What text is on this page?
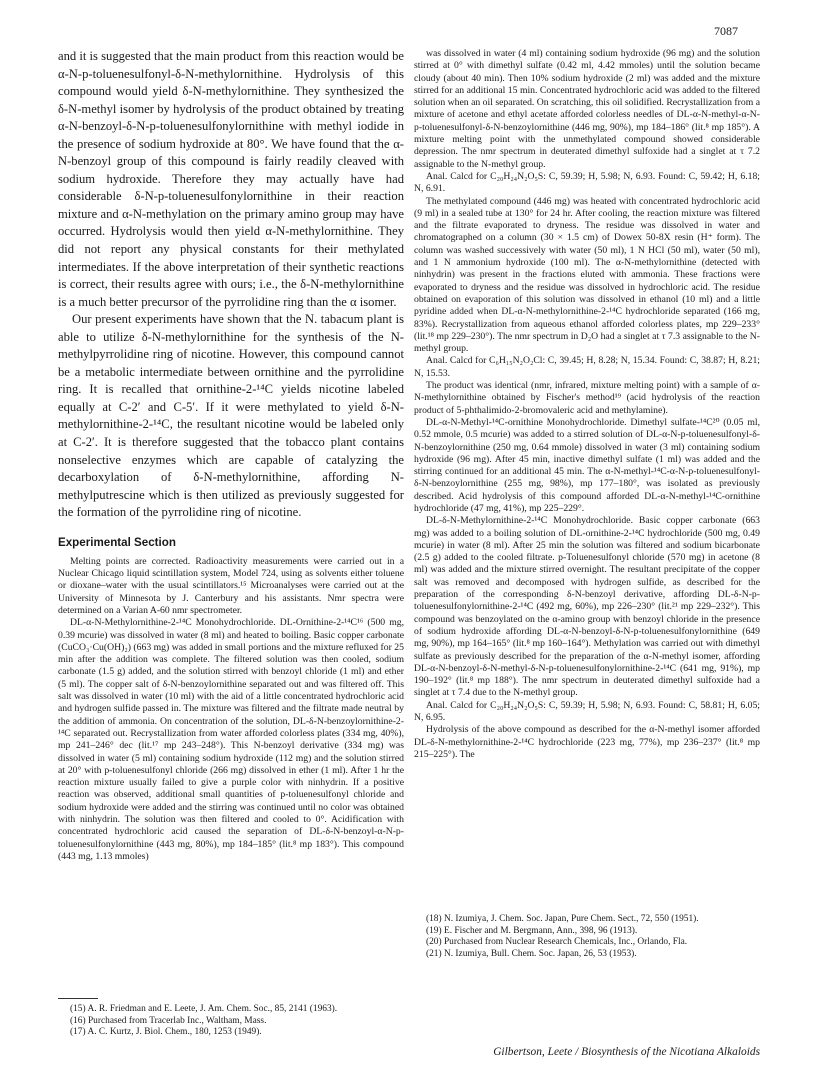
7087

and it is suggested that the main product from this reaction would be α-N-p-toluenesulfonyl-δ-N-methylornithine. Hydrolysis of this compound would yield δ-N-methylornithine. They synthesized the δ-N-methyl isomer by hydrolysis of the product obtained by treating α-N-benzoyl-δ-N-p-toluenesulfonylornithine with methyl iodide in the presence of sodium hydroxide at 80°. We have found that the α-N-benzoyl group of this compound is fairly readily cleaved with sodium hydroxide. Therefore they may actually have had considerable δ-N-p-toluenesulfonylornithine in their reaction mixture and α-N-methylation on the primary amino group may have occurred. Hydrolysis would then yield α-N-methylornithine. They did not report any physical constants for their methylated intermediates. If the above interpretation of their synthetic reactions is correct, their results agree with ours; i.e., the δ-N-methylornithine is a much better precursor of the pyrrolidine ring than the α isomer.

Our present experiments have shown that the N. tabacum plant is able to utilize δ-N-methylornithine for the synthesis of the N-methylpyrrolidine ring of nicotine. However, this compound cannot be a metabolic intermediate between ornithine and the pyrrolidine ring. It is recalled that ornithine-2-¹⁴C yields nicotine labeled equally at C-2′ and C-5′. If it were methylated to yield δ-N-methylornithine-2-¹⁴C, the resultant nicotine would be labeled only at C-2′. It is therefore suggested that the tobacco plant contains nonselective enzymes which are capable of catalyzing the decarboxylation of δ-N-methylornithine, affording N-methylputrescine which is then utilized as previously suggested for the formation of the pyrrolidine ring of nicotine.

Experimental Section

Melting points are corrected. Radioactivity measurements were carried out in a Nuclear Chicago liquid scintillation system, Model 724, using as solvents either toluene or dioxane–water with the usual scintillators.¹⁵ Microanalyses were carried out at the University of Minnesota by J. Canterbury and his assistants. Nmr spectra were determined on a Varian A-60 nmr spectrometer.

DL-α-N-Methylornithine-2-¹⁴C Monohydrochloride. DL-Ornithine-2-¹⁴C¹⁶ (500 mg, 0.39 mcurie) was dissolved in water (8 ml) and heated to boiling. Basic copper carbonate (CuCO₃·Cu(OH)₂) (663 mg) was added in small portions and the mixture refluxed for 25 min after the addition was complete. The filtered solution was then cooled, sodium carbonate (1.5 g) added, and the solution stirred with benzoyl chloride (1 ml) and ether (5 ml). The copper salt of δ-N-benzoylornithine separated out and was filtered off. This salt was dissolved in water (10 ml) with the aid of a little concentrated hydrochloric acid and hydrogen sulfide passed in. The mixture was filtered and the filtrate made neutral by the addition of ammonia. On concentration of the solution, DL-δ-N-benzoylornithine-2-¹⁴C separated out. Recrystallization from water afforded colorless plates (334 mg, 40%), mp 241–246° dec (lit.¹⁷ mp 243–248°). This N-benzoyl derivative (334 mg) was dissolved in water (5 ml) containing sodium hydroxide (112 mg) and the solution stirred at 20° with p-toluenesulfonyl chloride (266 mg) dissolved in ether (1 ml). After 1 hr the reaction mixture usually failed to give a purple color with ninhydrin. If a positive reaction was observed, additional small quantities of p-toluenesulfonyl chloride and sodium hydroxide were added and the stirring was continued until no color was obtained with ninhydrin. The solution was then filtered and cooled to 0°. Acidification with concentrated hydrochloric acid caused the separation of DL-δ-N-benzoyl-α-N-p-toluenesulfonylornithine (443 mg, 80%), mp 184–185° (lit.⁸ mp 183°). This compound (443 mg, 1.13 mmoles)

(15) A. R. Friedman and E. Leete, J. Am. Chem. Soc., 85, 2141 (1963).

(16) Purchased from Tracerlab Inc., Waltham, Mass.

(17) A. C. Kurtz, J. Biol. Chem., 180, 1253 (1949).

was dissolved in water (4 ml) containing sodium hydroxide (96 mg) and the solution stirred at 0° with dimethyl sulfate (0.42 ml, 4.42 mmoles) until the solution became cloudy (about 40 min). Then 10% sodium hydroxide (2 ml) was added and the mixture stirred for an additional 15 min. Concentrated hydrochloric acid was added to the filtered solution when an oil separated. On scratching, this oil solidified. Recrystallization from a mixture of acetone and ethyl acetate afforded colorless needles of DL-α-N-methyl-α-N-p-toluenesulfonyl-δ-N-benzoylornithine (446 mg, 90%), mp 184–186° (lit.⁸ mp 185°). A mixture melting point with the unmethylated compound showed considerable depression. The nmr spectrum in deuterated dimethyl sulfoxide had a singlet at τ 7.2 assignable to the N-methyl group.

Anal. Calcd for C₂₀H₂₄N₂O₅S: C, 59.39; H, 5.98; N, 6.93. Found: C, 59.42; H, 6.18; N, 6.91.

The methylated compound (446 mg) was heated with concentrated hydrochloric acid (9 ml) in a sealed tube at 130° for 24 hr. After cooling, the reaction mixture was filtered and the filtrate evaporated to dryness. The residue was dissolved in water and chromatographed on a column (30 × 1.5 cm) of Dowex 50-8X resin (H⁺ form). The column was washed successively with water (50 ml), 1 N HCl (50 ml), water (50 ml), and 1 N ammonium hydroxide (100 ml). The α-N-methylornithine (detected with ninhydrin) was present in the fractions eluted with ammonia. These fractions were evaporated to dryness and the residue was dissolved in hydrochloric acid. The residue obtained on evaporation of this solution was dissolved in ethanol (10 ml) and a little pyridine added when DL-α-N-methylornithine-2-¹⁴C hydrochloride separated (166 mg, 83%). Recrystallization from aqueous ethanol afforded colorless plates, mp 229–233° (lit.¹⁸ mp 229–230°). The nmr spectrum in D₂O had a singlet at τ 7.3 assignable to the N-methyl group.

Anal. Calcd for C₆H₁₅N₂O₂Cl: C, 39.45; H, 8.28; N, 15.34. Found: C, 38.87; H, 8.21; N, 15.53.

The product was identical (nmr, infrared, mixture melting point) with a sample of α-N-methylornithine obtained by Fischer's method¹⁹ (acid hydrolysis of the reaction product of 5-phthalimido-2-bromovaleric acid and methylamine).

DL-α-N-Methyl-¹⁴C-ornithine Monohydrochloride. Dimethyl sulfate-¹⁴C²⁰ (0.05 ml, 0.52 mmole, 0.5 mcurie) was added to a stirred solution of DL-α-N-p-toluenesulfonyl-δ-N-benzoylornithine (250 mg, 0.64 mmole) dissolved in water (3 ml) containing sodium hydroxide (96 mg). After 45 min, inactive dimethyl sulfate (1 ml) was added and the stirring continued for an additional 45 min. The α-N-methyl-¹⁴C-α-N-p-toluenesulfonyl-δ-N-benzoylornithine (255 mg, 98%), mp 177–180°, was isolated as previously described. Acid hydrolysis of this compound afforded DL-α-N-methyl-¹⁴C-ornithine hydrochloride (47 mg, 41%), mp 225–229°.

DL-δ-N-Methylornithine-2-¹⁴C Monohydrochloride. Basic copper carbonate (663 mg) was added to a boiling solution of DL-ornithine-2-¹⁴C hydrochloride (500 mg, 0.49 mcurie) in water (8 ml). After 25 min the solution was filtered and sodium bicarbonate (2.5 g) added to the cooled filtrate. p-Toluenesulfonyl chloride (570 mg) in acetone (8 ml) was added and the mixture stirred overnight. The resultant precipitate of the copper salt was removed and decomposed with hydrogen sulfide, as described for the preparation of the corresponding δ-N-benzoyl derivative, affording DL-δ-N-p-toluenesulfonylornithine-2-¹⁴C (492 mg, 60%), mp 226–230° (lit.²¹ mp 229–232°). This compound was benzoylated on the α-amino group with benzoyl chloride in the presence of sodium hydroxide affording DL-α-N-benzoyl-δ-N-p-toluenesulfonylornithine (649 mg, 90%), mp 164–165° (lit.⁸ mp 160–164°). Methylation was carried out with dimethyl sulfate as previously described for the preparation of the α-N-methyl isomer, affording DL-α-N-benzoyl-δ-N-methyl-δ-N-p-toluenesulfonylornithine-2-¹⁴C (641 mg, 91%), mp 190–192° (lit.⁸ mp 188°). The nmr spectrum in deuterated dimethyl sulfoxide had a singlet at τ 7.4 due to the N-methyl group.

Anal. Calcd for C₂₀H₂₄N₂O₅S: C, 59.39; H, 5.98; N, 6.93. Found: C, 58.81; H, 6.05; N, 6.95.

Hydrolysis of the above compound as described for the α-N-methyl isomer afforded DL-δ-N-methylornithine-2-¹⁴C hydrochloride (223 mg, 77%), mp 236–237° (lit.⁸ mp 215–225°). The

(18) N. Izumiya, J. Chem. Soc. Japan, Pure Chem. Sect., 72, 550 (1951).

(19) E. Fischer and M. Bergmann, Ann., 398, 96 (1913).

(20) Purchased from Nuclear Research Chemicals, Inc., Orlando, Fla.

(21) N. Izumiya, Bull. Chem. Soc. Japan, 26, 53 (1953).

Gilbertson, Leete / Biosynthesis of the Nicotiana Alkaloids
